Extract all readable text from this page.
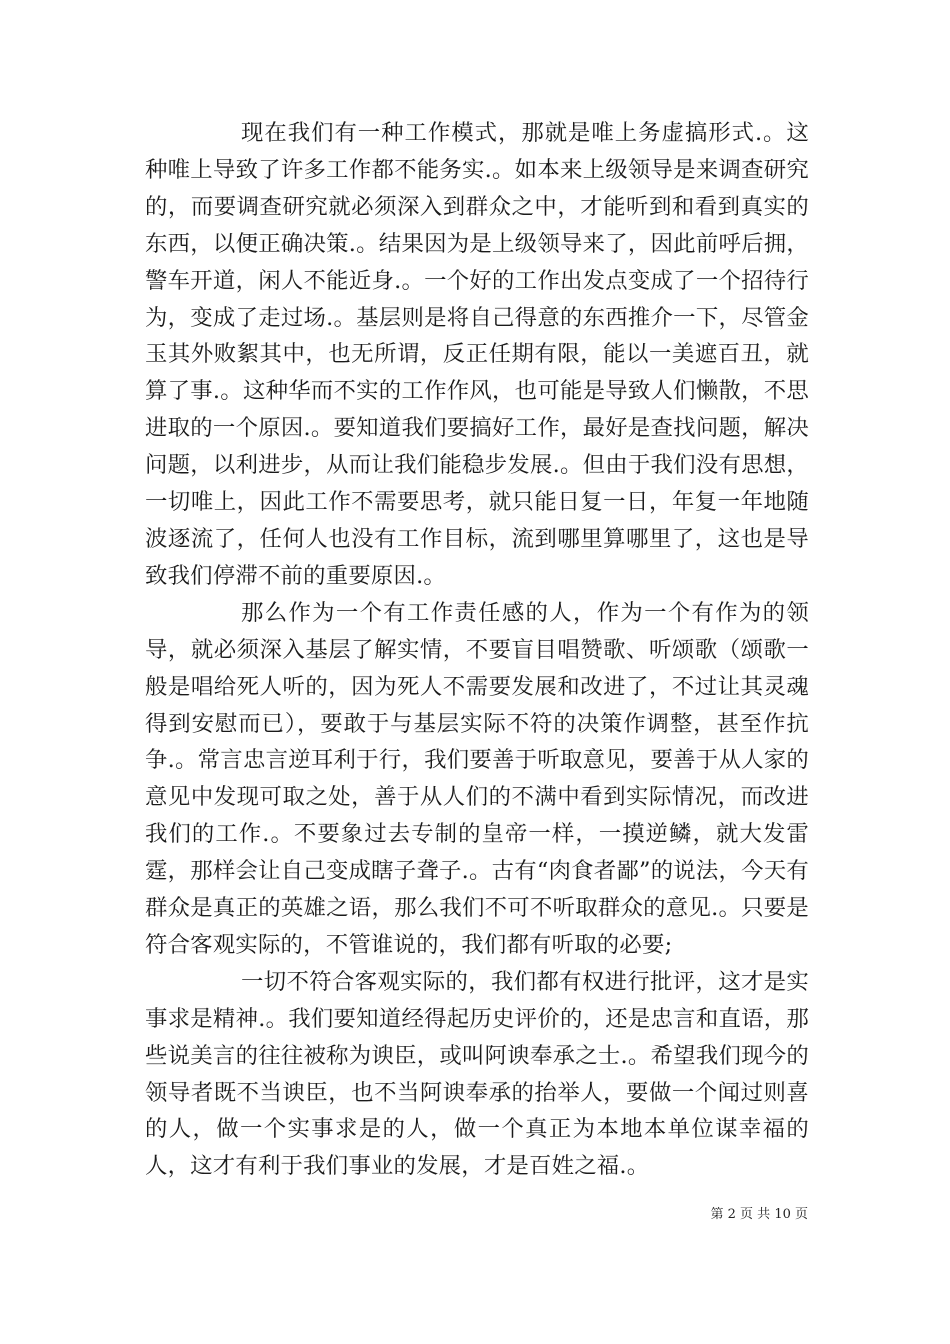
现在我们有一种工作模式，那就是唯上务虚搞形式.。这种唯上导致了许多工作都不能务实.。如本来上级领导是来调查研究的，而要调查研究就必须深入到群众之中，才能听到和看到真实的东西，以便正确决策.。结果因为是上级领导来了，因此前呼后拥，警车开道，闲人不能近身.。一个好的工作出发点变成了一个招待行为，变成了走过场.。基层则是将自己得意的东西推介一下，尽管金玉其外败絮其中，也无所谓，反正任期有限，能以一美遮百丑，就算了事.。这种华而不实的工作作风，也可能是导致人们懒散，不思进取的一个原因.。要知道我们要搞好工作，最好是查找问题，解决问题，以利进步，从而让我们能稳步发展.。但由于我们没有思想，一切唯上，因此工作不需要思考，就只能日复一日，年复一年地随波逐流了，任何人也没有工作目标，流到哪里算哪里了，这也是导致我们停滞不前的重要原因.。

那么作为一个有工作责任感的人，作为一个有作为的领导，就必须深入基层了解实情，不要盲目唱赞歌、听颂歌（颂歌一般是唱给死人听的，因为死人不需要发展和改进了，不过让其灵魂得到安慰而已），要敢于与基层实际不符的决策作调整，甚至作抗争.。常言忠言逆耳利于行，我们要善于听取意见，要善于从人家的意见中发现可取之处，善于从人们的不满中看到实际情况，而改进我们的工作.。不要象过去专制的皇帝一样，一摸逆鳞，就大发雷霆，那样会让自己变成瞎子聋子.。古有“肉食者鄙”的说法，今天有群众是真正的英雄之语，那么我们不可不听取群众的意见.。只要是符合客观实际的，不管谁说的，我们都有听取的必要;

一切不符合客观实际的，我们都有权进行批评，这才是实事求是精神.。我们要知道经得起历史评价的，还是忠言和直语，那些说美言的往往被称为谀臣，或叫阿谀奉承之士.。希望我们现今的领导者既不当谀臣，也不当阿谀奉承的抬举人，要做一个闻过则喜的人，做一个实事求是的人，做一个真正为本地本单位谋幸福的人，这才有利于我们事业的发展，才是百姓之福.。

第 2 页 共 10 页
